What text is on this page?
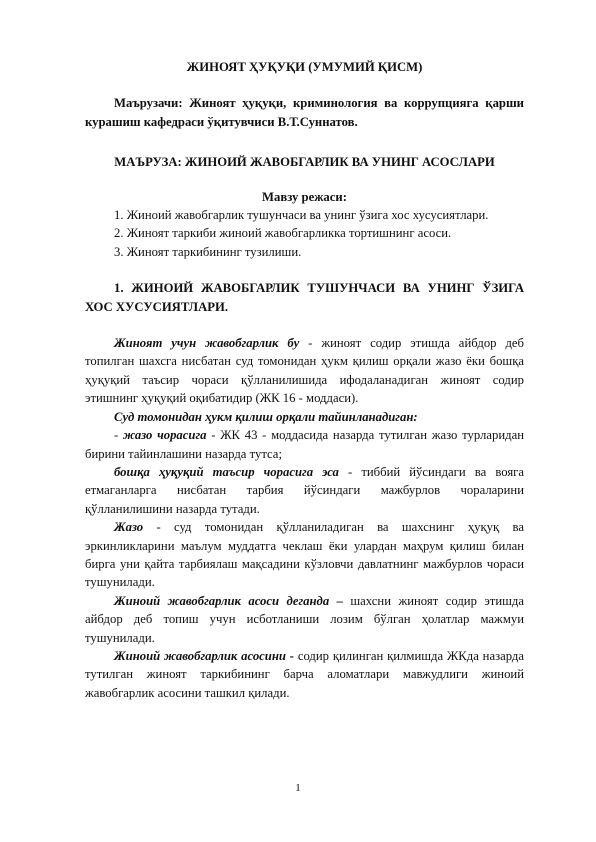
ЖИНОЯТ ҲУҚУҚИ (УМУМИЙ ҚИСМ)

Маърузачи: Жиноят ҳуқуқи, криминология ва коррупцияга қарши курашиш кафедраси ўқитувчиси В.Т.Суннатов.

МАЪРУЗА: ЖИНОИЙ ЖАВОБГАРЛИК ВА УНИНГ АСОСЛАРИ

Мавзу режаси:

1. Жиноий жавобгарлик тушунчаси ва унинг ўзига хос хусусиятлари.

2. Жиноят таркиби жиноий жавобгарликка тортишнинг асоси.

3. Жиноят таркибининг тузилиши.

1. ЖИНОИЙ ЖАВОБГАРЛИК ТУШУНЧАСИ ВА УНИНГ ЎЗИГА ХОС ХУСУСИЯТЛАРИ.

Жиноят учун жавобгарлик бу - жиноят содир этишда айбдор деб топилган шахсга нисбатан суд томонидан ҳукм қилиш орқали жазо ёки бошқа ҳуқуқий таъсир чораси қўлланилишида ифодаланадиган жиноят содир этишнинг ҳуқуқий оқибатидир (ЖК 16 - моддаси).

Суд томонидан ҳукм қилиш орқали тайинланадиган:

- жазо чорасига - ЖК 43 - моддасида назарда тутилган жазо турларидан бирини тайинлашини назарда тутса;

бошқа ҳуқуқий таъсир чорасига эса - тиббий йўсиндаги ва вояга етмаганларга нисбатан тарбия йўсиндаги мажбурлов чораларини қўлланилишини назарда тутади.

Жазо - суд томонидан қўлланиладиган ва шахснинг ҳуқуқ ва эркинликларини маълум муддатга чеклаш ёки улардан маҳрум қилиш билан бирга уни қайта тарбиялаш мақсадини кўзловчи давлатнинг мажбурлов чораси тушунилади.

Жиноий жавобгарлик асоси деганда – шахсни жиноят содир этишда айбдор деб топиш учун исботланиши лозим бўлган ҳолатлар мажмуи тушунилади.

Жиноий жавобгарлик асосини - содир қилинган қилмишда ЖКда назарда тутилган жиноят таркибининг барча аломатлари мавжудлиги жиноий жавобгарлик асосини ташкил қилади.

1
